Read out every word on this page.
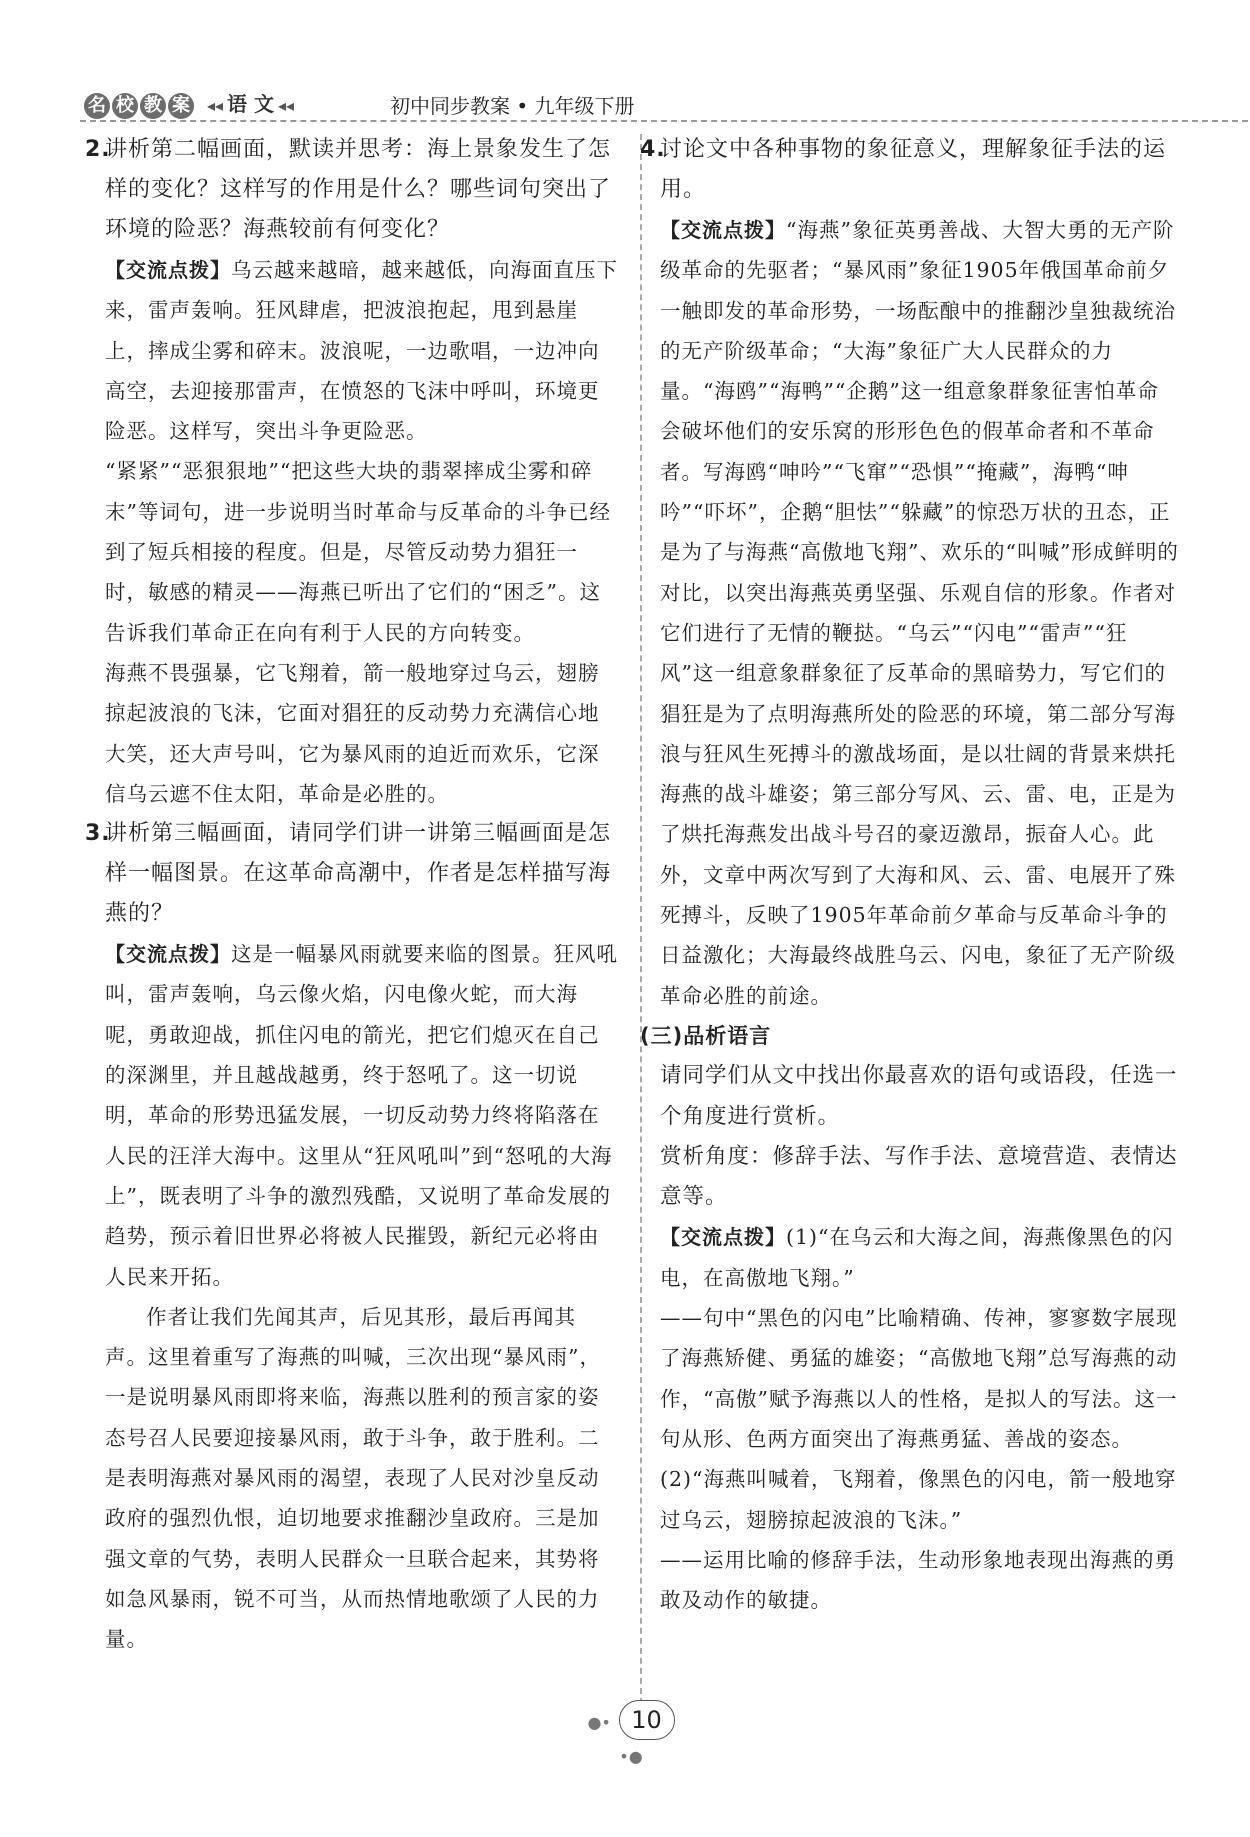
名 校 教 案 ◂◂ 语 文 ◂◂	初中同步教案 • 九年级下册

2.讲析第二幅画面，默读并思考：海上景象发生了怎样的变化？这样写的作用是什么？哪些词句突出了环境的险恶？海燕较前有何变化？

【交流点拨】乌云越来越暗，越来越低，向海面直压下来，雷声轰响。狂风肆虐，把波浪抱起，甩到悬崖上，摔成尘雾和碎末。波浪呢，一边歌唱，一边冲向高空，去迎接那雷声，在愤怒的飞沫中呼叫，环境更险恶。这样写，突出斗争更险恶。

“紧紧”“恶狠狠地”“把这些大块的翡翠摔成尘雾和碎末”等词句，进一步说明当时革命与反革命的斗争已经到了短兵相接的程度。但是，尽管反动势力猖狂一时，敏感的精灵——海燕已听出了它们的“困乏”。这告诉我们革命正在向有利于人民的方向转变。

海燕不畏强暴，它飞翔着，箭一般地穿过乌云，翅膀掠起波浪的飞沫，它面对猖狂的反动势力充满信心地大笑，还大声号叫，它为暴风雨的迫近而欢乐，它深信乌云遮不住太阳，革命是必胜的。

3.讲析第三幅画面，请同学们讲一讲第三幅画面是怎样一幅图景。在这革命高潮中，作者是怎样描写海燕的？

【交流点拨】这是一幅暴风雨就要来临的图景。狂风吼叫，雷声轰响，乌云像火焰，闪电像火蛇，而大海呢，勇敢迎战，抓住闪电的箭光，把它们熄灭在自己的深渊里，并且越战越勇，终于怒吼了。这一切说明，革命的形势迅猛发展，一切反动势力终将陷落在人民的汪洋大海中。这里从“狂风吼叫”到“怒吼的大海上”，既表明了斗争的激烈残酷，又说明了革命发展的趋势，预示着旧世界必将被人民摧毁，新纪元必将由人民来开拓。

作者让我们先闻其声，后见其形，最后再闻其声。这里着重写了海燕的叫喊，三次出现“暴风雨”，一是说明暴风雨即将来临，海燕以胜利的预言家的姿态号召人民要迎接暴风雨，敢于斗争，敢于胜利。二是表明海燕对暴风雨的渴望，表现了人民对沙皇反动政府的强烈仇恨，迫切地要求推翻沙皇政府。三是加强文章的气势，表明人民群众一旦联合起来，其势将如急风暴雨，锐不可当，从而热情地歌颂了人民的力量。

4.讨论文中各种事物的象征意义，理解象征手法的运用。

【交流点拨】“海燕”象征英勇善战、大智大勇的无产阶级革命的先驱者；“暴风雨”象征1905年俄国革命前夕一触即发的革命形势，一场酝酿中的推翻沙皇独裁统治的无产阶级革命；“大海”象征广大人民群众的力量。“海鸥”“海鸭”“企鹅”这一组意象群象征害怕革命会破坏他们的安乐窝的形形色色的假革命者和不革命者。写海鸥“呻吟”“飞窜”“恐惧”“掩藏”，海鸭“呻吟”“吓坏”，企鹅“胆怯”“躲藏”的惊恐万状的丑态，正是为了与海燕“高傲地飞翔”、欢乐的“叫喊”形成鲜明的对比，以突出海燕英勇坚强、乐观自信的形象。作者对它们进行了无情的鞭挞。“乌云”“闪电”“雷声”“狂风”这一组意象群象征了反革命的黑暗势力，写它们的猖狂是为了点明海燕所处的险恶的环境，第二部分写海浪与狂风生死搏斗的激战场面，是以壮阔的背景来烘托海燕的战斗雄姿；第三部分写风、云、雷、电，正是为了烘托海燕发出战斗号召的豪迈激昂，振奋人心。此外，文章中两次写到了大海和风、云、雷、电展开了殊死搏斗，反映了1905年革命前夕革命与反革命斗争的日益激化；大海最终战胜乌云、闪电，象征了无产阶级革命必胜的前途。

(三)品析语言

请同学们从文中找出你最喜欢的语句或语段，任选一个角度进行赏析。

赏析角度：修辞手法、写作手法、意境营造、表情达意等。

【交流点拨】(1)“在乌云和大海之间，海燕像黑色的闪电，在高傲地飞翔。”

——句中“黑色的闪电”比喻精确、传神，寥寥数字展现了海燕矫健、勇猛的雄姿；“高傲地飞翔”总写海燕的动作，“高傲”赋予海燕以人的性格，是拟人的写法。这一句从形、色两方面突出了海燕勇猛、善战的姿态。

(2)“海燕叫喊着，飞翔着，像黑色的闪电，箭一般地穿过乌云，翅膀掠起波浪的飞沫。”

——运用比喻的修辞手法，生动形象地表现出海燕的勇敢及动作的敏捷。

●• 10 •●
